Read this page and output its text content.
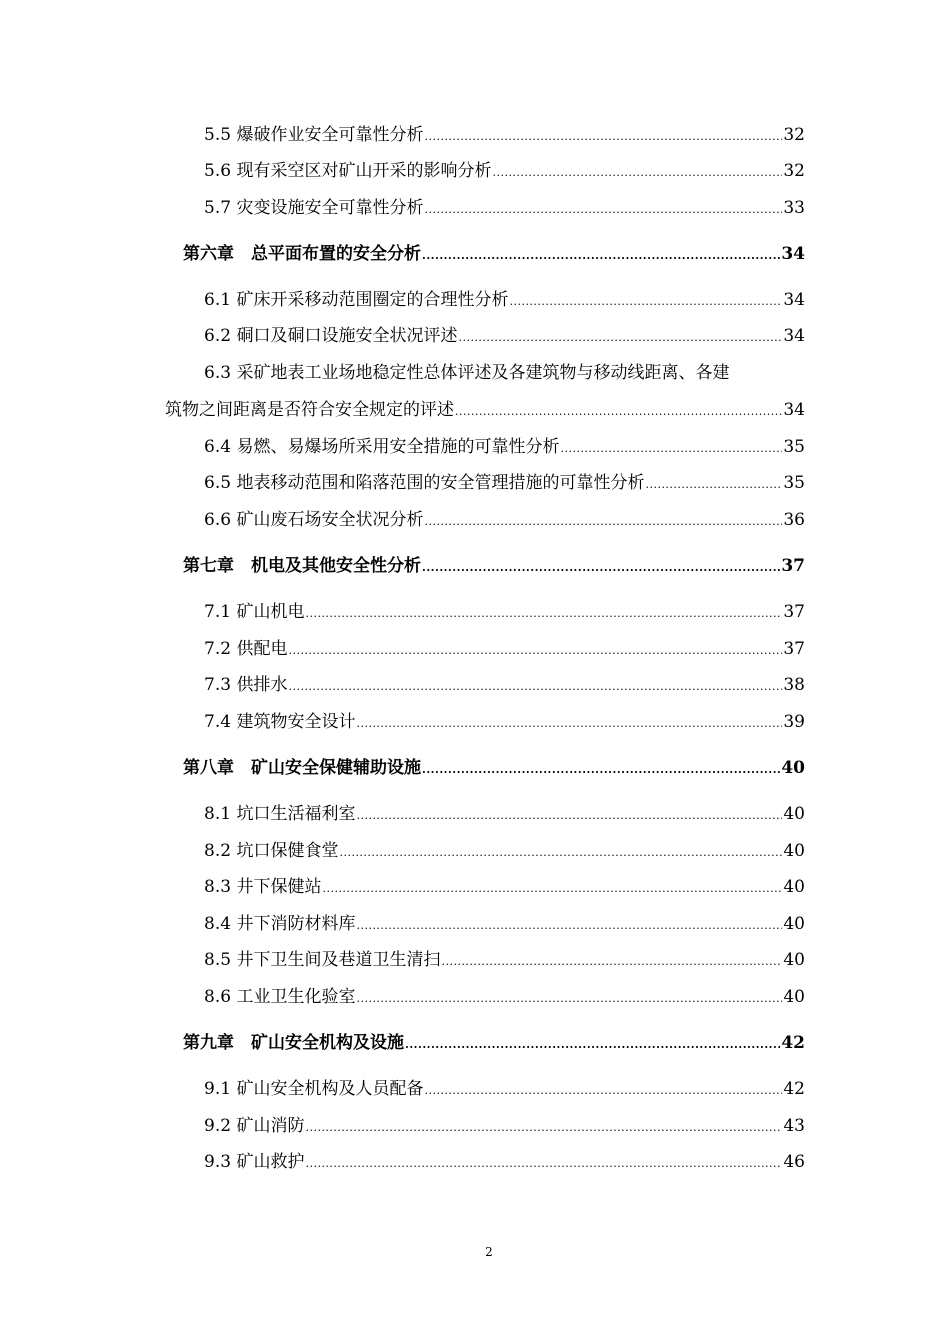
5.5 爆破作业安全可靠性分析 .....	32
5.6 现有采空区对矿山开采的影响分析 .....	32
5.7 灾变设施安全可靠性分析 .....	33
第六章　总平面布置的安全分析 .....	34
6.1 矿床开采移动范围圈定的合理性分析 .....	34
6.2 硐口及硐口设施安全状况评述 .....	34
6.3 采矿地表工业场地稳定性总体评述及各建筑物与移动线距离、各建
筑物之间距离是否符合安全规定的评述 .....	34
6.4 易燃、易爆场所采用安全措施的可靠性分析 .....	35
6.5 地表移动范围和陷落范围的安全管理措施的可靠性分析 .....	35
6.6 矿山废石场安全状况分析 .....	36
第七章　机电及其他安全性分析 .....	37
7.1 矿山机电 .....	37
7.2 供配电 .....	37
7.3 供排水 .....	38
7.4 建筑物安全设计 .....	39
第八章　矿山安全保健辅助设施 .....	40
8.1 坑口生活福利室 .....	40
8.2 坑口保健食堂 .....	40
8.3 井下保健站 .....	40
8.4 井下消防材料库 .....	40
8.5 井下卫生间及巷道卫生清扫 .....	40
8.6 工业卫生化验室 .....	40
第九章　矿山安全机构及设施 .....	42
9.1 矿山安全机构及人员配备 .....	42
9.2 矿山消防 .....	43
9.3 矿山救护 .....	46
2
